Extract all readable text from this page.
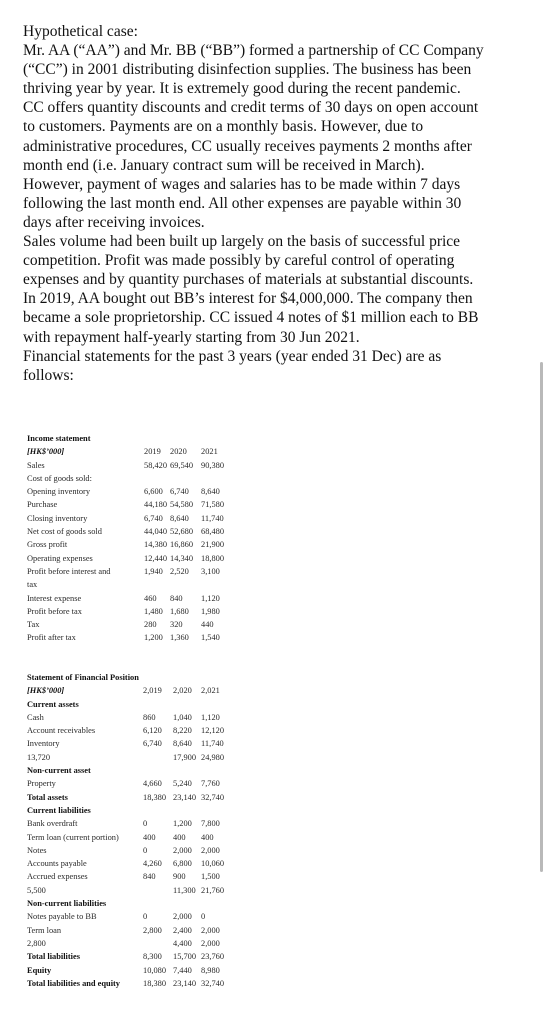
Hypothetical case:

Mr. AA (“AA”) and Mr. BB (“BB”) formed a partnership of CC Company

(“CC”) in 2001 distributing disinfection supplies. The business has been

thriving year by year. It is extremely good during the recent pandemic.

CC offers quantity discounts and credit terms of 30 days on open account

to customers. Payments are on a monthly basis. However, due to

administrative procedures, CC usually receives payments 2 months after

month end (i.e. January contract sum will be received in March).

However, payment of wages and salaries has to be made within 7 days

following the last month end. All other expenses are payable within 30

days after receiving invoices.

Sales volume had been built up largely on the basis of successful price

competition. Profit was made possibly by careful control of operating

expenses and by quantity purchases of materials at substantial discounts.

In 2019, AA bought out BB’s interest for $4,000,000. The company then

became a sole proprietorship. CC issued 4 notes of $1 million each to BB

with repayment half-yearly starting from 30 Jun 2021.

Financial statements for the past 3 years (year ended 31 Dec) are as

follows:

Income statement
[HK$’000]	2019 2020 2021
Sales	58,420 69,540 90,380
Cost of goods sold:
Opening inventory	6,600 6,740 8,640
Purchase	44,180 54,580 71,580
Closing inventory	6,740 8,640 11,740
Net cost of goods sold	44,040 52,680 68,480
Gross profit	14,380 16,860 21,900
Operating expenses	12,440 14,340 18,800
Profit before interest and	1,940 2,520 3,100
tax
Interest expense	460 840 1,120
Profit before tax	1,480 1,680 1,980
Tax	280 320 440
Profit after tax	1,200 1,360 1,540
Statement of Financial Position
[HK$’000]	2,019 2,020 2,021
Current assets
Cash	860 1,040 1,120
Account receivables	6,120 8,220 12,120
Inventory	6,740 8,640 11,740
13,720	17,900 24,980
Non-current asset
Property	4,660 5,240 7,760
Total assets	18,380 23,140 32,740
Current liabilities
Bank overdraft	0	1,200 7,800
Term loan (current portion)	400 400 400
Notes	0	2,000 2,000
Accounts payable	4,260 6,800 10,060
Accrued expenses	840 900 1,500
5,500	11,300 21,760
Non-current liabilities
Notes payable to BB	0	2,000 0
Term loan	2,800 2,400 2,000
2,800	4,400 2,000
Total liabilities	8,300 15,700 23,760
Equity	10,080 7,440 8,980
Total liabilities and equity	18,380 23,140 32,740
